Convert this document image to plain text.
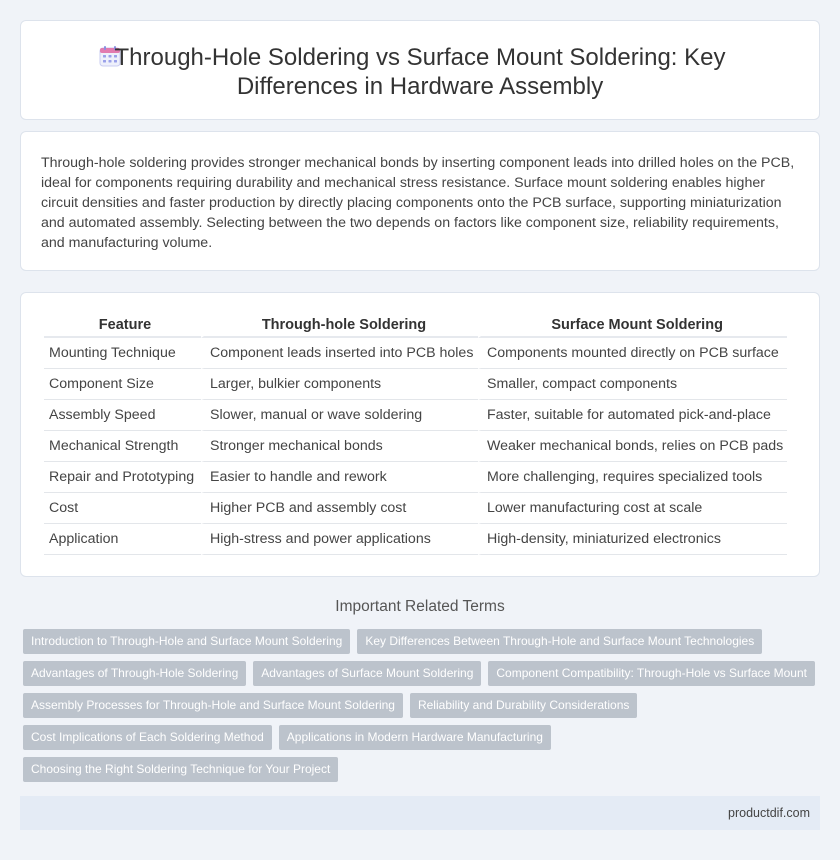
Through-Hole Soldering vs Surface Mount Soldering: Key Differences in Hardware Assembly

Through-hole soldering provides stronger mechanical bonds by inserting component leads into drilled holes on the PCB, ideal for components requiring durability and mechanical stress resistance. Surface mount soldering enables higher circuit densities and faster production by directly placing components onto the PCB surface, supporting miniaturization and automated assembly. Selecting between the two depends on factors like component size, reliability requirements, and manufacturing volume.

Feature	Through-hole Soldering	Surface Mount Soldering
Mounting Technique	Component leads inserted into PCB holes	Components mounted directly on PCB surface
Component Size	Larger, bulkier components	Smaller, compact components
Assembly Speed	Slower, manual or wave soldering	Faster, suitable for automated pick-and-place
Mechanical Strength	Stronger mechanical bonds	Weaker mechanical bonds, relies on PCB pads
Repair and Prototyping	Easier to handle and rework	More challenging, requires specialized tools
Cost	Higher PCB and assembly cost	Lower manufacturing cost at scale
Application	High-stress and power applications	High-density, miniaturized electronics
Important Related Terms
Introduction to Through-Hole and Surface Mount Soldering	Key Differences Between Through-Hole and Surface Mount Technologies
Advantages of Through-Hole Soldering	Advantages of Surface Mount Soldering	Component Compatibility: Through-Hole vs Surface Mount
Assembly Processes for Through-Hole and Surface Mount Soldering	Reliability and Durability Considerations
Cost Implications of Each Soldering Method	Applications in Modern Hardware Manufacturing
Choosing the Right Soldering Technique for Your Project
productdif.com
